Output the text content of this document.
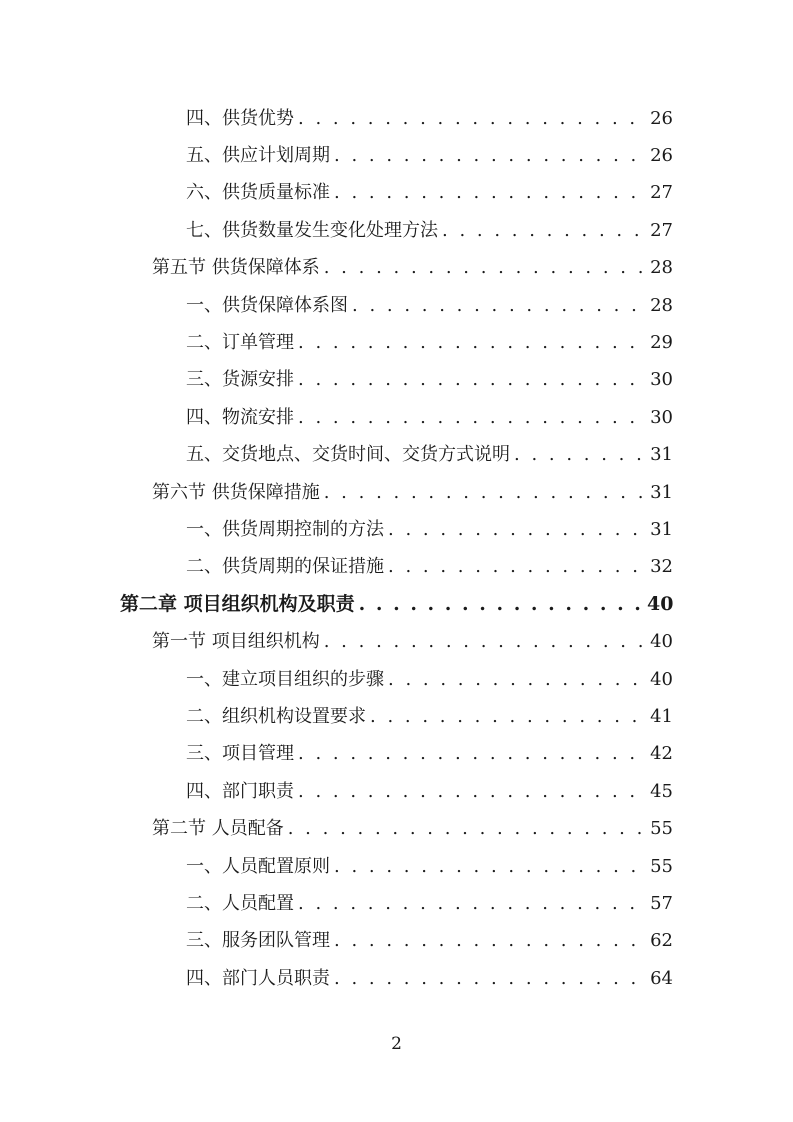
四、供货优势 . . .	26
五、供应计划周期 . . .	26
六、供货质量标准 . . .	27
七、供货数量发生变化处理方法 . . .	27
第五节 供货保障体系 . . .	28
一、供货保障体系图 . . .	28
二、订单管理 . . .	29
三、货源安排 . . .	30
四、物流安排 . . .	30
五、交货地点、交货时间、交货方式说明 . . .	31
第六节 供货保障措施 . . .	31
一、供货周期控制的方法 . . .	31
二、供货周期的保证措施 . . .	32
第二章 项目组织机构及职责 . . .	40
第一节 项目组织机构 . . .	40
一、建立项目组织的步骤 . . .	40
二、组织机构设置要求 . . .	41
三、项目管理 . . .	42
四、部门职责 . . .	45
第二节 人员配备 . . .	55
一、人员配置原则 . . .	55
二、人员配置 . . .	57
三、服务团队管理 . . .	62
四、部门人员职责 . . .	64
2
